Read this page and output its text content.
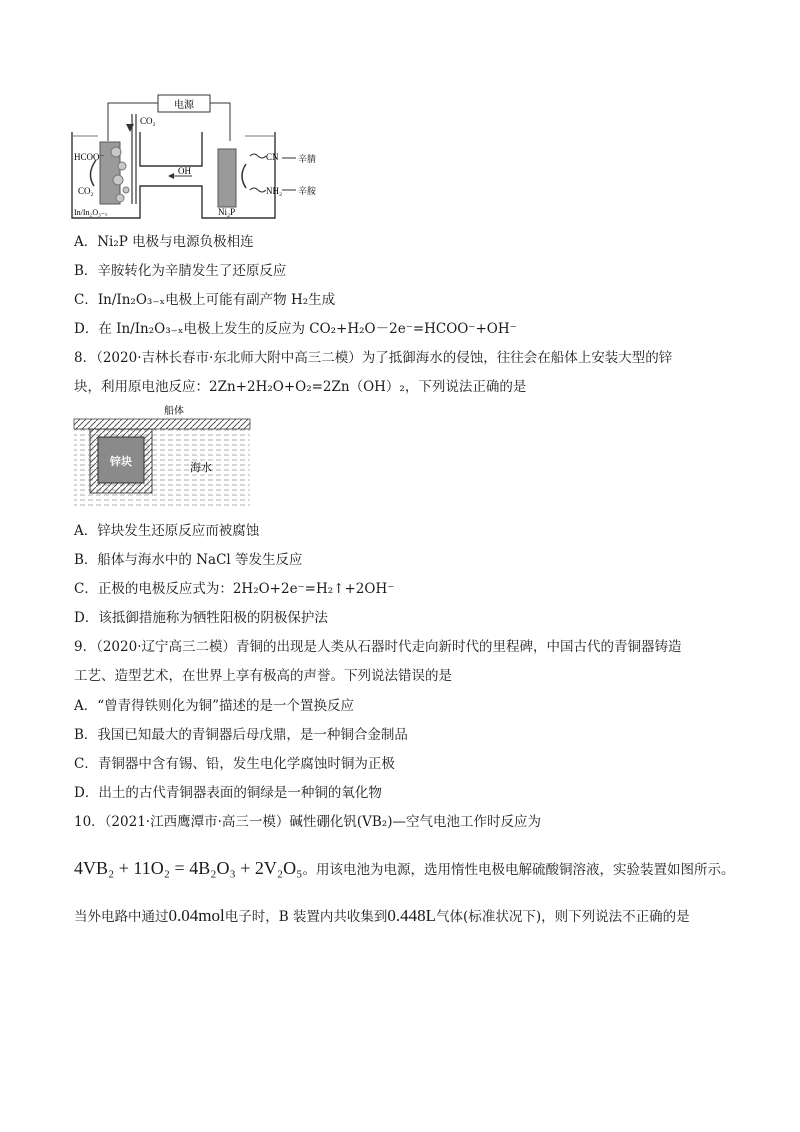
电源
CO₂
HCOO⁻
CO₂
In/In₂O₃₋ₓ
OH
CN
NH₂
辛腈
辛胺
Ni₂P
A．Ni₂P 电极与电源负极相连
B．辛胺转化为辛腈发生了还原反应
C．In/In₂O₃₋ₓ电极上可能有副产物 H₂生成
D．在 In/In₂O₃₋ₓ电极上发生的反应为 CO₂+H₂O－2e⁻=HCOO⁻+OH⁻
8．（2020·吉林长春市·东北师大附中高三二模）为了抵御海水的侵蚀，往往会在船体上安装大型的锌
块，利用原电池反应：2Zn+2H₂O+O₂=2Zn（OH）₂，下列说法正确的是
船体
锌块	海水
A．锌块发生还原反应而被腐蚀
B．船体与海水中的 NaCl 等发生反应
C．正极的电极反应式为：2H₂O+2e⁻=H₂↑+2OH⁻
D．该抵御措施称为牺牲阳极的阴极保护法
9．（2020·辽宁高三二模）青铜的出现是人类从石器时代走向新时代的里程碑，中国古代的青铜器铸造
工艺、造型艺术，在世界上享有极高的声誉。下列说法错误的是
A．“曾青得铁则化为铜”描述的是一个置换反应
B．我国已知最大的青铜器后母戊鼎，是一种铜合金制品
C．青铜器中含有锡、铅，发生电化学腐蚀时铜为正极
D．出土的古代青铜器表面的铜绿是一种铜的氧化物
10．（2021·江西鹰潭市·高三一模）碱性硼化钒(VB₂)—空气电池工作时反应为
4VB₂ + 11O₂ = 4B₂O₃ + 2V₂O₅。用该电池为电源，选用惰性电极电解硫酸铜溶液，实验装置如图所示。
当外电路中通过0.04mol电子时，B 装置内共收集到0.448L气体(标准状况下)，则下列说法不正确的是
